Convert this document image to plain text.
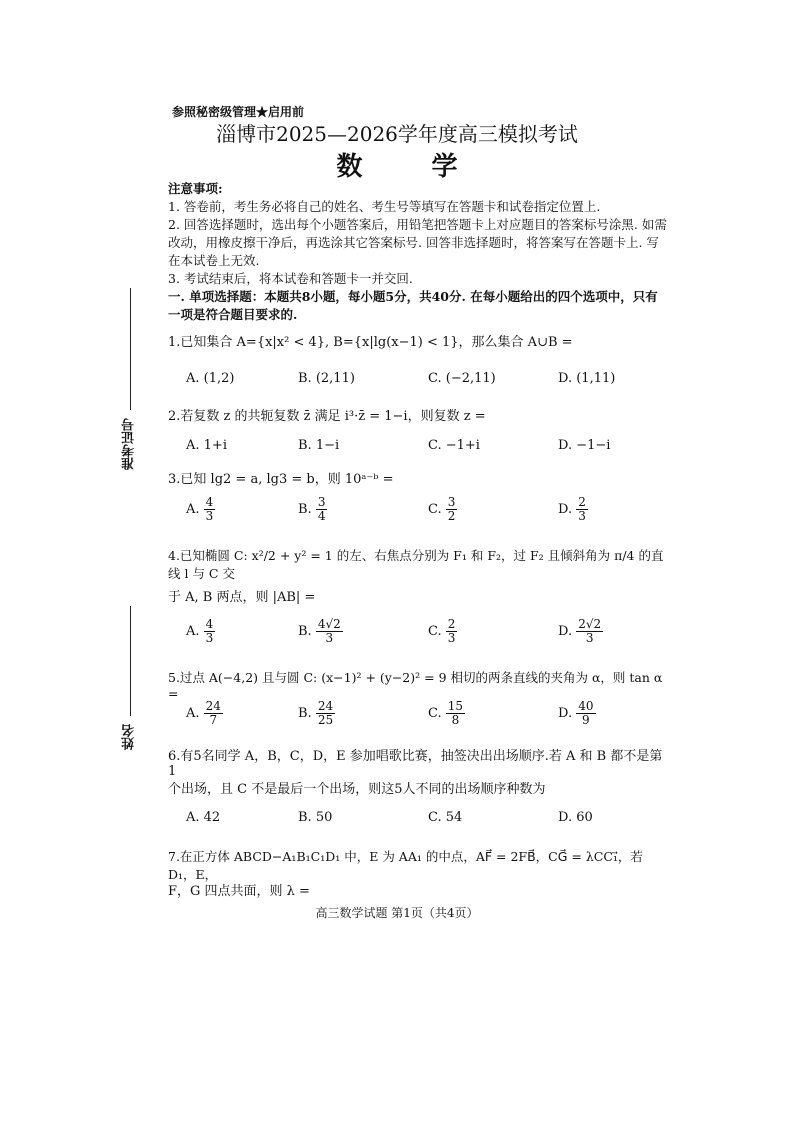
参照秘密级管理★启用前
淄博市2025—2026学年度高三模拟考试
数 学
注意事项:
1. 答卷前，考生务必将自己的姓名、考生号等填写在答题卡和试卷指定位置上.
2. 回答选择题时，选出每个小题答案后，用铅笔把答题卡上对应题目的答案标号涂黑. 如需改动，用橡皮擦干净后，再选涂其它答案标号. 回答非选择题时，将答案写在答题卡上. 写在本试卷上无效.
3. 考试结束后，将本试卷和答题卡一并交回.
一. 单项选择题：本题共8小题，每小题5分，共40分. 在每小题给出的四个选项中，只有一项是符合题目要求的.
准考证号
姓名
1.已知集合 A={x|x² < 4}, B={x|lg(x−1) < 1}，那么集合 A∪B =
A. (1,2)	B. (2,11)	C. (−2,11)	D. (1,11)
2.若复数 z 的共轭复数 z̄ 满足 i³·z̄ = 1−i，则复数 z =
A. 1+i	B. 1−i	C. −1+i	D. −1−i
3.已知 lg2 = a, lg3 = b，则 10ᵃ⁻ᵇ =
A. $\frac{4}{3}$	B. $\frac{3}{4}$	C. $\frac{3}{2}$	D. $\frac{2}{3}$
4.已知椭圆 C: x²/2 + y² = 1 的左、右焦点分别为 F₁ 和 F₂，过 F₂ 且倾斜角为 π/4 的直线 l 与 C 交
于 A, B 两点，则 |AB| =
A. $\frac{4}{3}$	B. $\frac{4√2}{3}$	C. $\frac{2}{3}$	D. $\frac{2√2}{3}$
5.过点 A(−4,2) 且与圆 C: (x−1)² + (y−2)² = 9 相切的两条直线的夹角为 α，则 tan α =
A. $\frac{24}{7}$	B. $\frac{24}{25}$	C. $\frac{15}{8}$	D. $\frac{40}{9}$
6.有5名同学 A，B，C，D，E 参加唱歌比赛，抽签决出出场顺序.若 A 和 B 都不是第1
个出场，且 C 不是最后一个出场，则这5人不同的出场顺序种数为
A. 42	B. 50	C. 54	D. 60
7.在正方体 ABCD−A₁B₁C₁D₁ 中，E 为 AA₁ 的中点，AF⃗ = 2FB⃗，CG⃗ = λCC₁⃗，若 D₁，E，
F，G 四点共面，则 λ =
高三数学试题 第1页（共4页）
